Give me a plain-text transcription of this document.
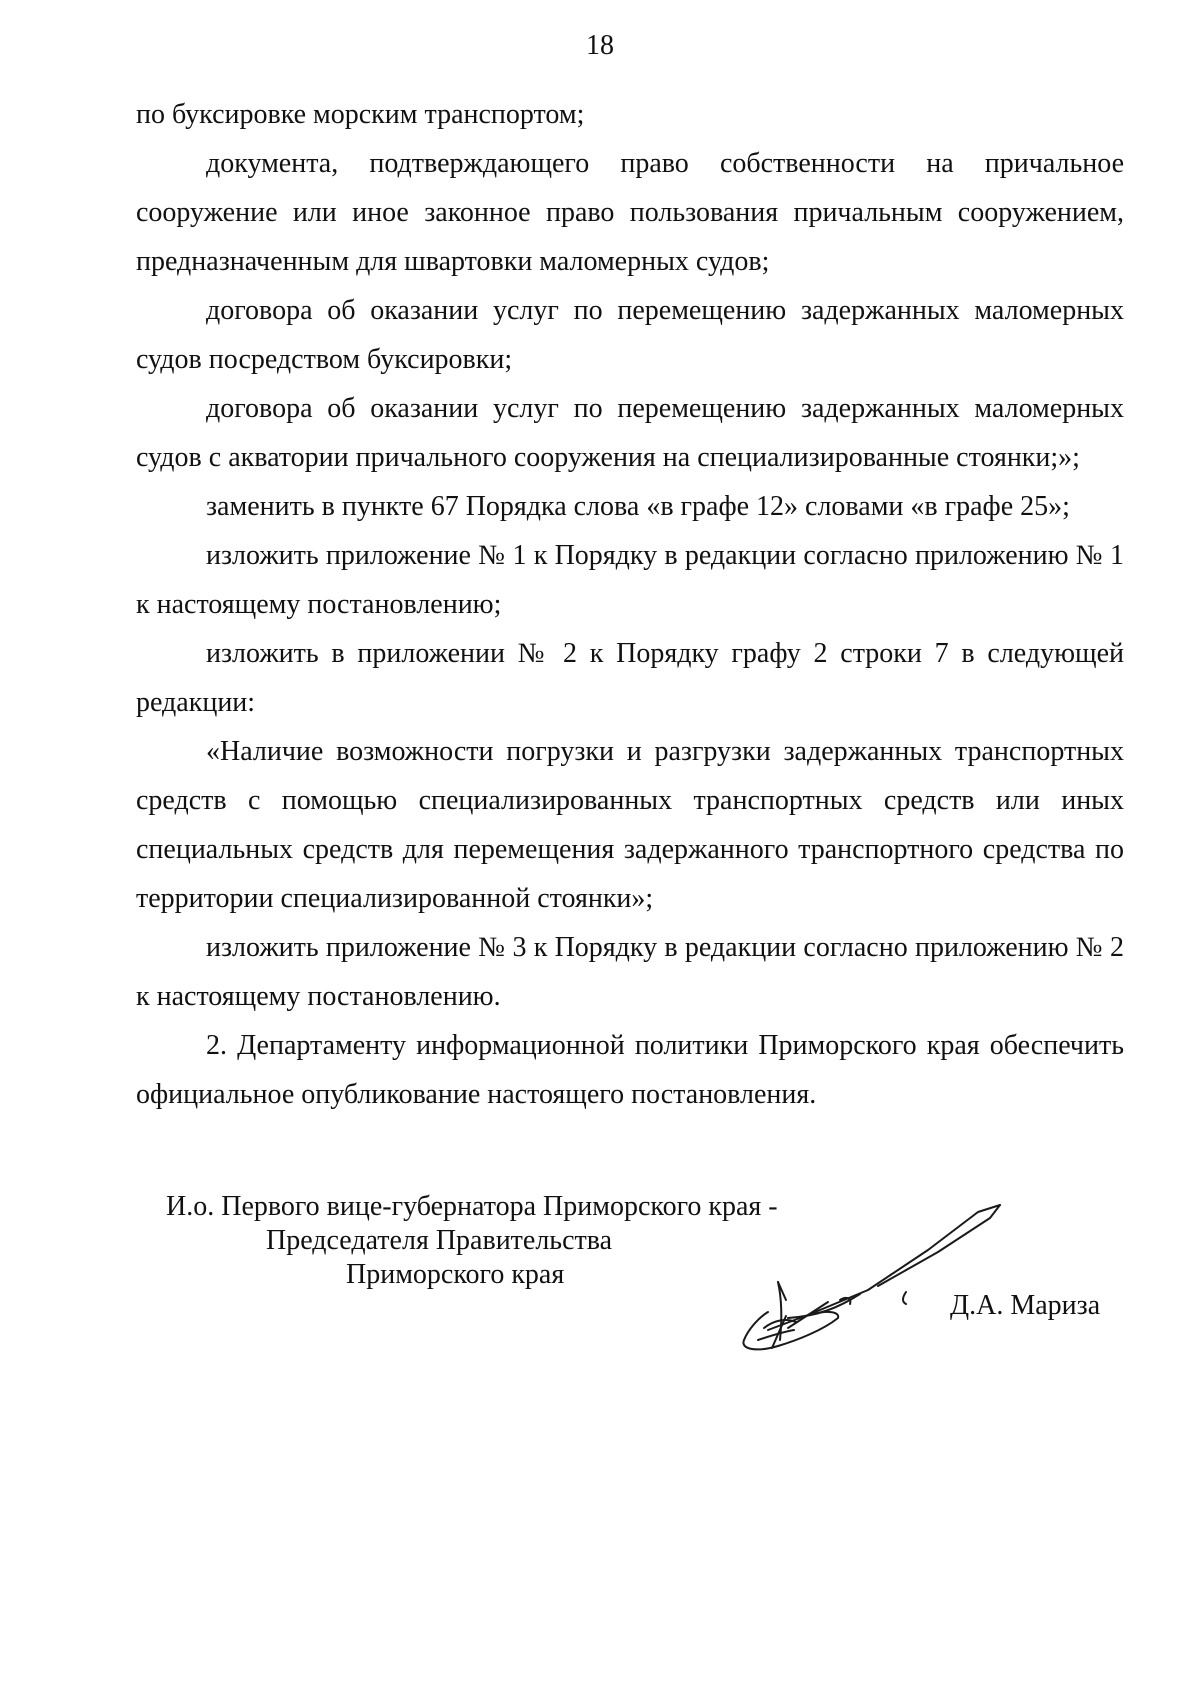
18

по буксировке морским транспортом;

документа, подтверждающего право собственности на причальное сооружение или иное законное право пользования причальным сооружением, предназначенным для швартовки маломерных судов;

договора об оказании услуг по перемещению задержанных маломерных судов посредством буксировки;

договора об оказании услуг по перемещению задержанных маломерных судов с акватории причального сооружения на специализированные стоянки;»;

заменить в пункте 67 Порядка слова «в графе 12» словами «в графе 25»;

изложить приложение № 1 к Порядку в редакции согласно приложению № 1 к настоящему постановлению;

изложить в приложении № 2 к Порядку графу 2 строки 7 в следующей редакции:

«Наличие возможности погрузки и разгрузки задержанных транспортных средств с помощью специализированных транспортных средств или иных специальных средств для перемещения задержанного транспортного средства по территории специализированной стоянки»;

изложить приложение № 3 к Порядку в редакции согласно приложению № 2 к настоящему постановлению.

2. Департаменту информационной политики Приморского края обеспечить официальное опубликование настоящего постановления.

И.о. Первого вице-губернатора Приморского края -
Председателя Правительства
Приморского края
Д.А. Мариза
